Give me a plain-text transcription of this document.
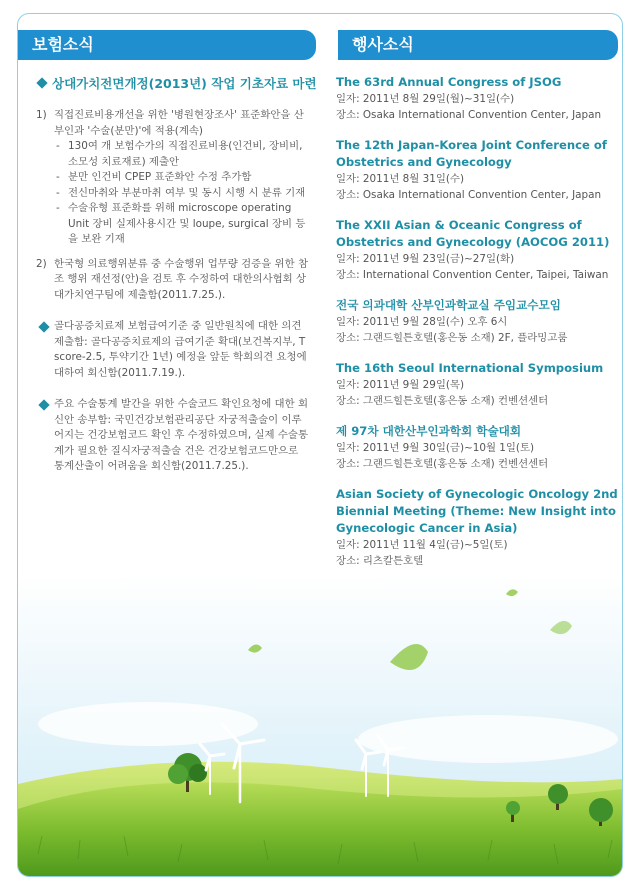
보험소식	행사소식
상대가치전면개정(2013년) 작업 기초자료 마련
1) 직접진료비용개선을 위한 '병원현장조사' 표준화안을 산부인과 '수술(분만)'에 적용(계속)
- 130여 개 보험수가의 직접진료비용(인건비, 장비비, 소모성 치료재료) 제출안
- 분만 인건비 CPEP 표준화안 수정 추가함
- 전신마취와 부분마취 여부 및 동시 시행 시 분류 기재
- 수술유형 표준화를 위해 microscope operating Unit 장비 실제사용시간 및 loupe, surgical 장비 등을 보완 기재
2) 한국형 의료행위분류 중 수술행위 업무량 검증을 위한 참조 행위 재선정(안)을 검토 후 수정하여 대한의사협회 상대가치연구팀에 제출함(2011.7.25.).
골다공증치료제 보험급여기준 중 일반원칙에 대한 의견 제출함: 골다공증치료제의 급여기준 확대(보건복지부, T score-2.5, 투약기간 1년) 예정을 앞둔 학회의견 요청에 대하여 회신함(2011.7.19.).
주요 수술통계 발간을 위한 수술코드 확인요청에 대한 회신안 송부함: 국민건강보험관리공단 자궁적출술이 이루어지는 건강보험코드 확인 후 수정하였으며, 실제 수술통계가 필요한 질식자궁적출술 건은 건강보험코드만으로 통계산출이 어려움을 회신함(2011.7.25.).
The 63rd Annual Congress of JSOG
일자: 2011년 8월 29일(월)~31일(수)
장소: Osaka International Convention Center, Japan
The 12th Japan-Korea Joint Conference of Obstetrics and Gynecology
일자: 2011년 8월 31일(수)
장소: Osaka International Convention Center, Japan
The XXII Asian & Oceanic Congress of Obstetrics and Gynecology (AOCOG 2011)
일자: 2011년 9월 23일(금)~27일(화)
장소: International Convention Center, Taipei, Taiwan
전국 의과대학 산부인과학교실 주임교수모임
일자: 2011년 9월 28일(수) 오후 6시
장소: 그랜드힐튼호텔(홍은동 소재) 2F, 플라밍고룸
The 16th Seoul International Symposium
일자: 2011년 9월 29일(목)
장소: 그랜드힐튼호텔(홍은동 소재) 컨벤션센터
제 97차 대한산부인과학회 학술대회
일자: 2011년 9월 30일(금)~10월 1일(토)
장소: 그랜드힐튼호텔(홍은동 소재) 컨벤션센터
Asian Society of Gynecologic Oncology 2nd Biennial Meeting (Theme: New Insight into Gynecologic Cancer in Asia)
일자: 2011년 11월 4일(금)~5일(토)
장소: 리츠칼튼호텔
